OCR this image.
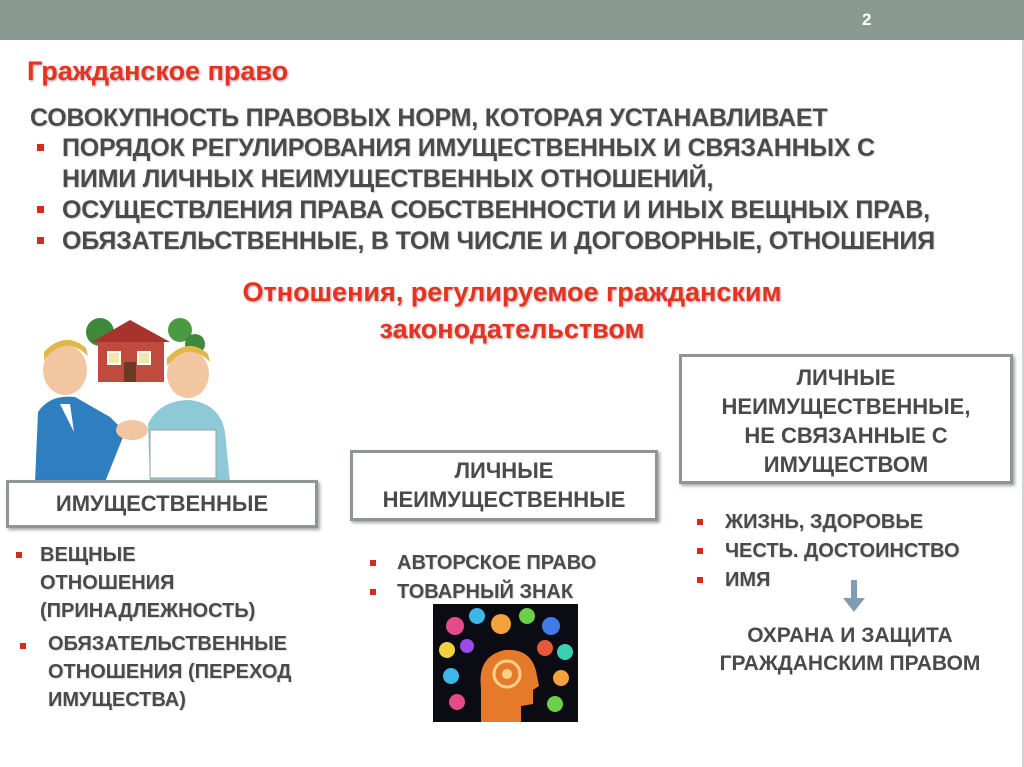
2
Гражданское право
СОВОКУПНОСТЬ ПРАВОВЫХ НОРМ, КОТОРАЯ УСТАНАВЛИВАЕТ
ПОРЯДОК РЕГУЛИРОВАНИЯ ИМУЩЕСТВЕННЫХ И СВЯЗАННЫХ С
НИМИ ЛИЧНЫХ НЕИМУЩЕСТВЕННЫХ ОТНОШЕНИЙ,
ОСУЩЕСТВЛЕНИЯ ПРАВА СОБСТВЕННОСТИ И ИНЫХ ВЕЩНЫХ ПРАВ,
ОБЯЗАТЕЛЬСТВЕННЫЕ, В ТОМ ЧИСЛЕ И ДОГОВОРНЫЕ, ОТНОШЕНИЯ
Отношения, регулируемое гражданским
законодательством
ИМУЩЕСТВЕННЫЕ
ЛИЧНЫЕ
НЕИМУЩЕСТВЕННЫЕ
ЛИЧНЫЕ
НЕИМУЩЕСТВЕННЫЕ,
НЕ СВЯЗАННЫЕ С
ИМУЩЕСТВОМ
ВЕЩНЫЕ
ОТНОШЕНИЯ
(ПРИНАДЛЕЖНОСТЬ)
ОБЯЗАТЕЛЬСТВЕННЫЕ
ОТНОШЕНИЯ (ПЕРЕХОД
ИМУЩЕСТВА)
АВТОРСКОЕ ПРАВО
ТОВАРНЫЙ ЗНАК
ЖИЗНЬ, ЗДОРОВЬЕ
ЧЕСТЬ. ДОСТОИНСТВО
ИМЯ
ОХРАНА И ЗАЩИТА
ГРАЖДАНСКИМ ПРАВОМ
